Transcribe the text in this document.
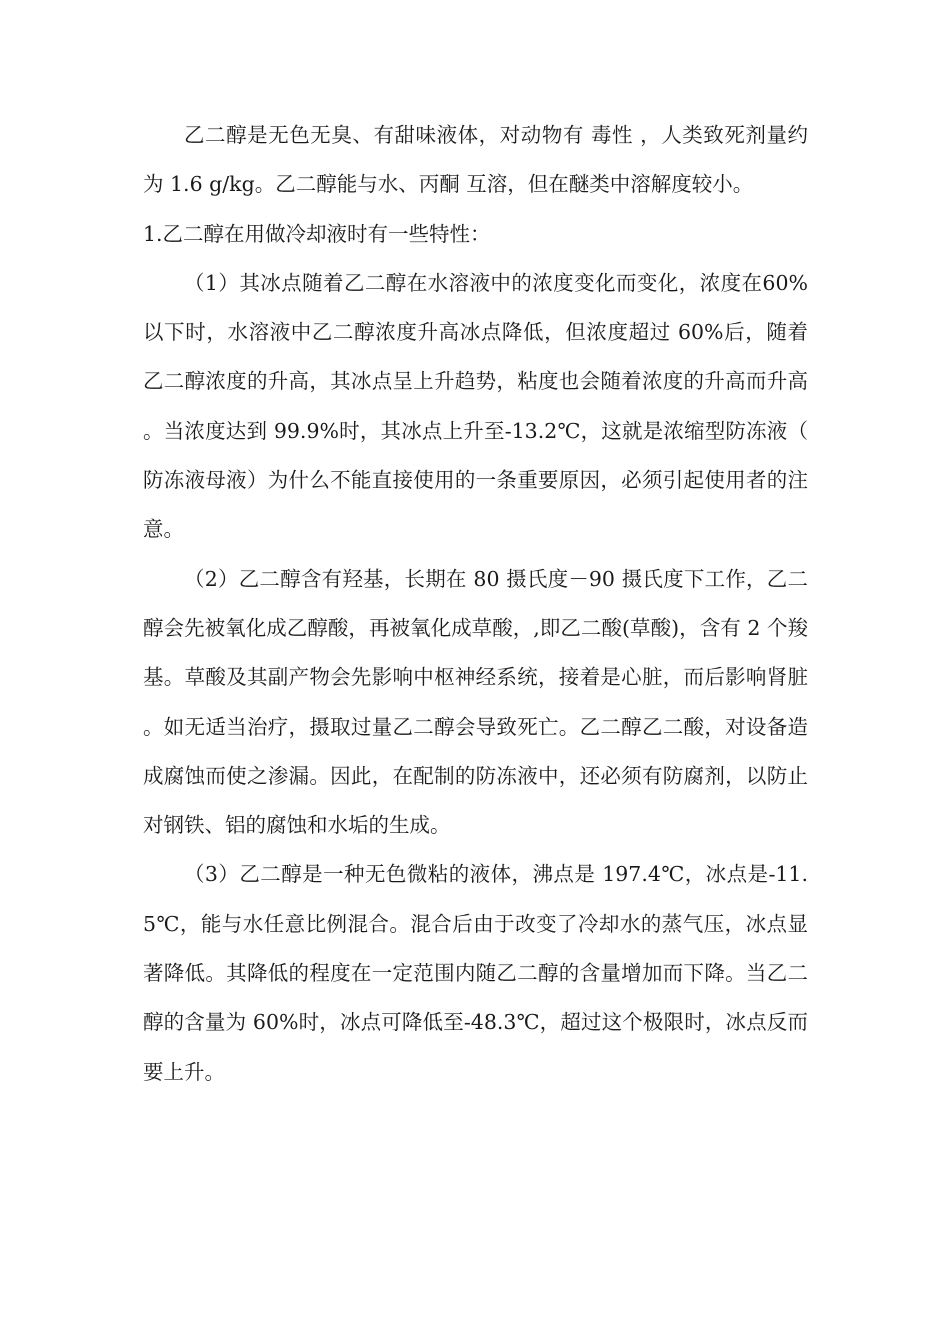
乙二醇是无色无臭、有甜味液体，对动物有 毒性 ，人类致死剂量约为 1.6 g/kg。乙二醇能与水、丙酮 互溶，但在醚类中溶解度较小。

1.乙二醇在用做冷却液时有一些特性：

（1）其冰点随着乙二醇在水溶液中的浓度变化而变化，浓度在60%以下时，水溶液中乙二醇浓度升高冰点降低，但浓度超过 60%后，随着乙二醇浓度的升高，其冰点呈上升趋势，粘度也会随着浓度的升高而升高。当浓度达到 99.9%时，其冰点上升至-13.2℃，这就是浓缩型防冻液（防冻液母液）为什么不能直接使用的一条重要原因，必须引起使用者的注意。

（2）乙二醇含有羟基，长期在 80 摄氏度－90 摄氏度下工作，乙二醇会先被氧化成乙醇酸，再被氧化成草酸，,即乙二酸(草酸)，含有 2 个羧基。草酸及其副产物会先影响中枢神经系统，接着是心脏，而后影响肾脏。如无适当治疗，摄取过量乙二醇会导致死亡。乙二醇乙二酸，对设备造成腐蚀而使之渗漏。因此，在配制的防冻液中，还必须有防腐剂，以防止对钢铁、铝的腐蚀和水垢的生成。

（3）乙二醇是一种无色微粘的液体，沸点是 197.4℃，冰点是-11.5℃，能与水任意比例混合。混合后由于改变了冷却水的蒸气压，冰点显著降低。其降低的程度在一定范围内随乙二醇的含量增加而下降。当乙二醇的含量为 60%时，冰点可降低至-48.3℃，超过这个极限时，冰点反而要上升。
